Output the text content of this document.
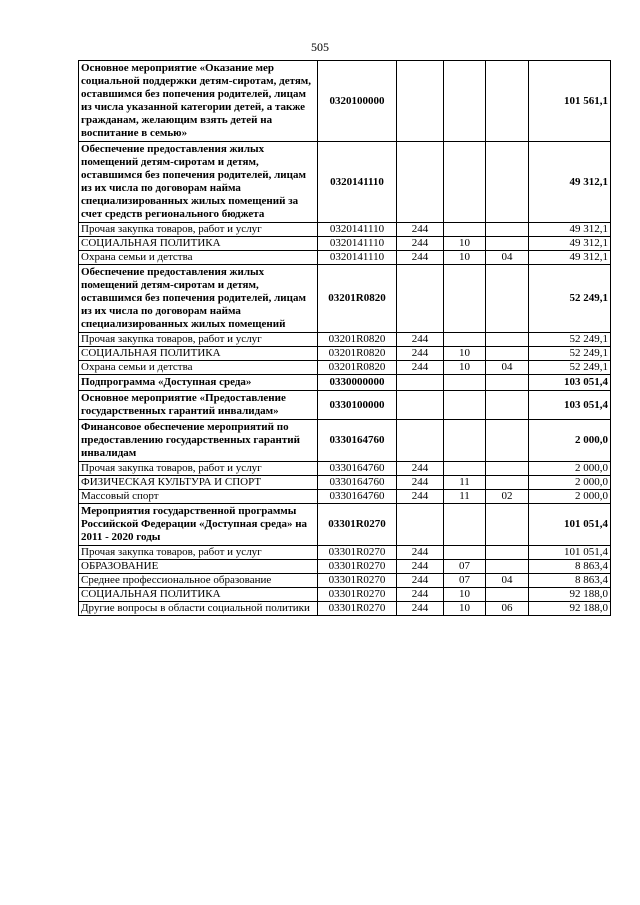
505
Основное мероприятие «Оказание мер социальной поддержки детям-сиротам, детям, оставшимся без попечения родителей, лицам из числа указанной категории детей, а также гражданам, желающим взять детей на воспитание в семью»	0320100000				101 561,1
Обеспечение предоставления жилых помещений детям-сиротам и детям, оставшимся без попечения родителей, лицам из их числа по договорам найма специализированных жилых помещений за счет средств регионального бюджета	0320141110				49 312,1
Прочая закупка товаров, работ и услуг	0320141110	244			49 312,1
СОЦИАЛЬНАЯ ПОЛИТИКА	0320141110	244	10		49 312,1
Охрана семьи и детства	0320141110	244	10	04	49 312,1
Обеспечение предоставления жилых помещений детям-сиротам и детям, оставшимся без попечения родителей, лицам из их числа по договорам найма специализированных жилых помещений	03201R0820				52 249,1
Прочая закупка товаров, работ и услуг	03201R0820	244			52 249,1
СОЦИАЛЬНАЯ ПОЛИТИКА	03201R0820	244	10		52 249,1
Охрана семьи и детства	03201R0820	244	10	04	52 249,1
Подпрограмма «Доступная среда»	0330000000				103 051,4
Основное мероприятие «Предоставление государственных гарантий инвалидам»	0330100000				103 051,4
Финансовое обеспечение мероприятий по предоставлению государственных гарантий инвалидам	0330164760				2 000,0
Прочая закупка товаров, работ и услуг	0330164760	244			2 000,0
ФИЗИЧЕСКАЯ КУЛЬТУРА И СПОРТ	0330164760	244	11		2 000,0
Массовый спорт	0330164760	244	11	02	2 000,0
Мероприятия государственной программы Российской Федерации «Доступная среда» на 2011 - 2020 годы	03301R0270				101 051,4
Прочая закупка товаров, работ и услуг	03301R0270	244			101 051,4
ОБРАЗОВАНИЕ	03301R0270	244	07		8 863,4
Среднее профессиональное образование	03301R0270	244	07	04	8 863,4
СОЦИАЛЬНАЯ ПОЛИТИКА	03301R0270	244	10		92 188,0
Другие вопросы в области социальной политики	03301R0270	244	10	06	92 188,0
